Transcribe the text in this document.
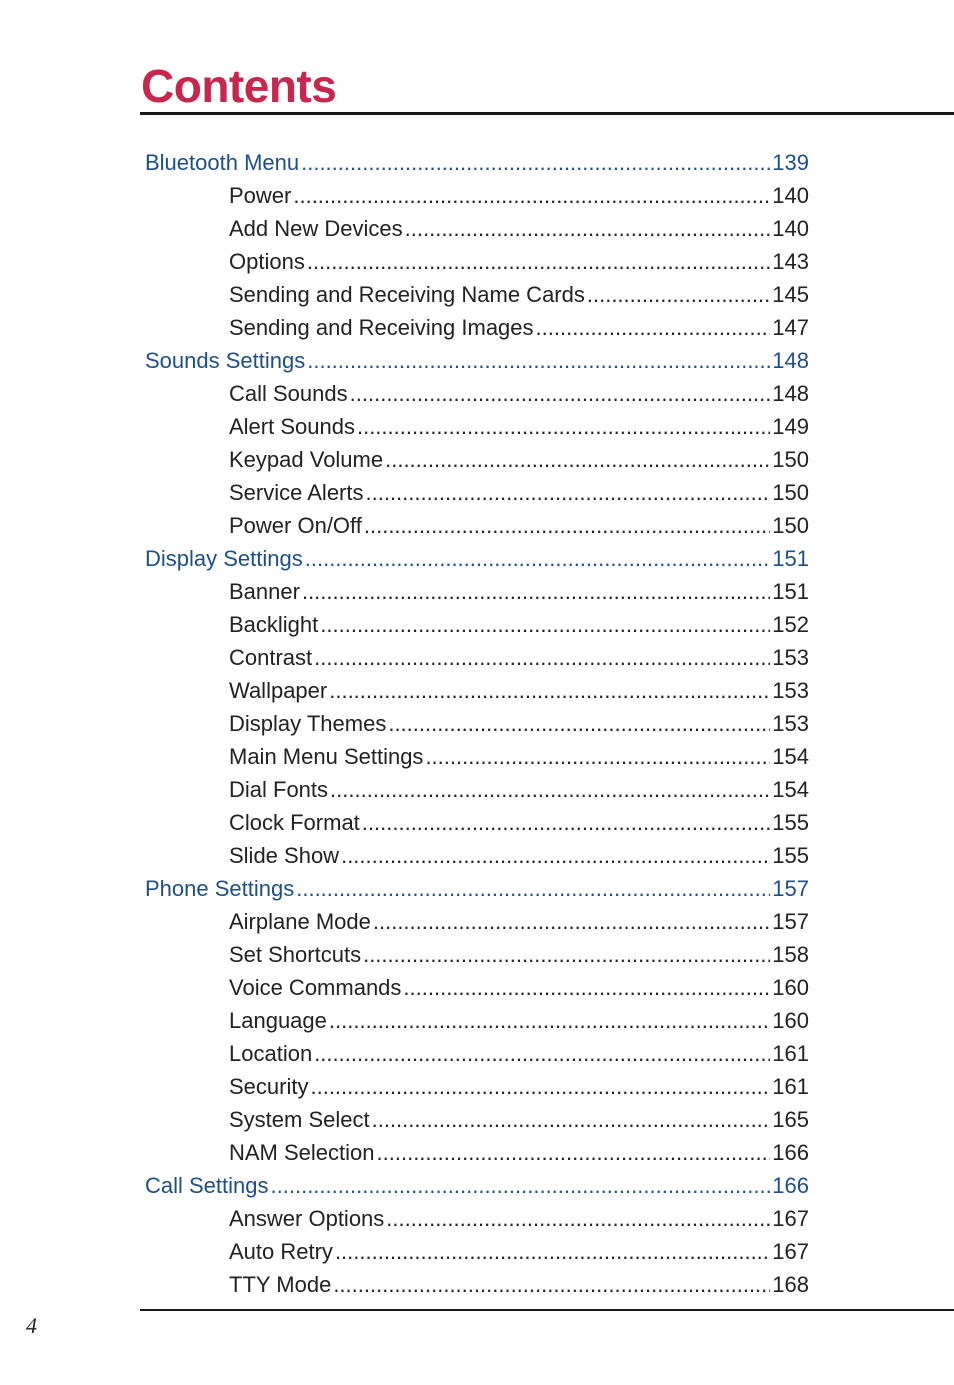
Contents
Bluetooth Menu .....	139
Power .....	140
Add New Devices .....	140
Options .....	143
Sending and Receiving Name Cards .....	145
Sending and Receiving Images .....	147
Sounds Settings .....	148
Call Sounds .....	148
Alert Sounds .....	149
Keypad Volume .....	150
Service Alerts .....	150
Power On/Off .....	150
Display Settings .....	151
Banner .....	151
Backlight .....	152
Contrast .....	153
Wallpaper .....	153
Display Themes .....	153
Main Menu Settings .....	154
Dial Fonts .....	154
Clock Format .....	155
Slide Show .....	155
Phone Settings .....	157
Airplane Mode .....	157
Set Shortcuts .....	158
Voice Commands .....	160
Language .....	160
Location .....	161
Security .....	161
System Select .....	165
NAM Selection .....	166
Call Settings .....	166
Answer Options .....	167
Auto Retry .....	167
TTY Mode .....	168
4
